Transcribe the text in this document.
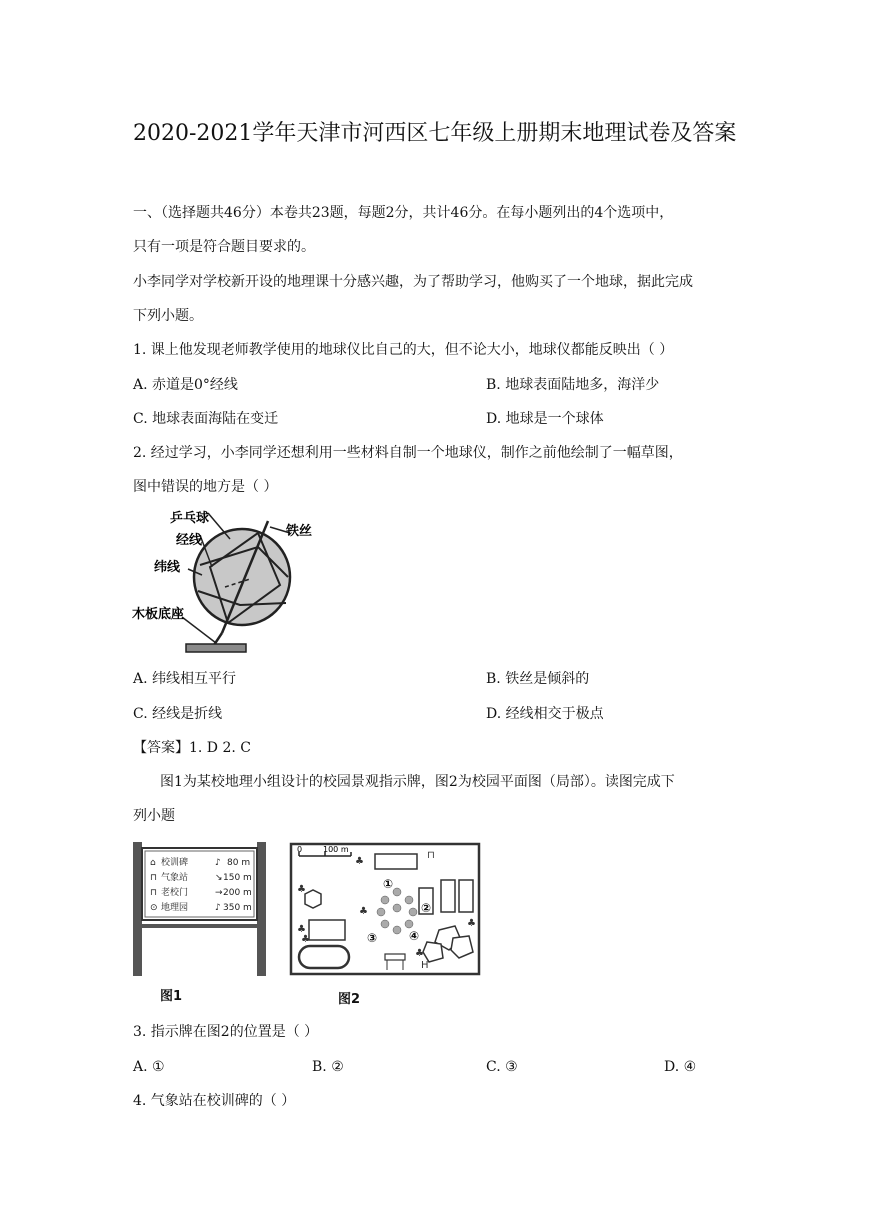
2020-2021学年天津市河西区七年级上册期末地理试卷及答案
一、（选择题共46分）本卷共23题，每题2分，共计46分。在每小题列出的4个选项中，
只有一项是符合题目要求的。
小李同学对学校新开设的地理课十分感兴趣，为了帮助学习，他购买了一个地球，据此完成
下列小题。
1. 课上他发现老师教学使用的地球仪比自己的大，但不论大小，地球仪都能反映出（ ）
A. 赤道是0°经线	B. 地球表面陆地多，海洋少
C. 地球表面海陆在变迁	D. 地球是一个球体
2. 经过学习，小李同学还想利用一些材料自制一个地球仪，制作之前他绘制了一幅草图，
图中错误的地方是（ ）
乒乓球
经线
纬线
铁丝
木板底座
A. 纬线相互平行	B. 铁丝是倾斜的
C. 经线是折线	D. 经线相交于极点
【答案】1. D 2. C
图1为某校地理小组设计的校园景观指示牌，图2为校园平面图（局部）。读图完成下
列小题
⌂ 校训碑	♪ 80 m
⊓ 气象站	↘ 150 m
⊓ 老校门	→ 200 m
⊙ 地理园	♪ 350 m
图1
0	100 m
♣
♣
♣
♣
♣
♣
♣
⊓
H
①
②
③	④
图2
3. 指示牌在图2的位置是（ ）
A. ①	B. ②	C. ③	D. ④
4. 气象站在校训碑的（ ）
